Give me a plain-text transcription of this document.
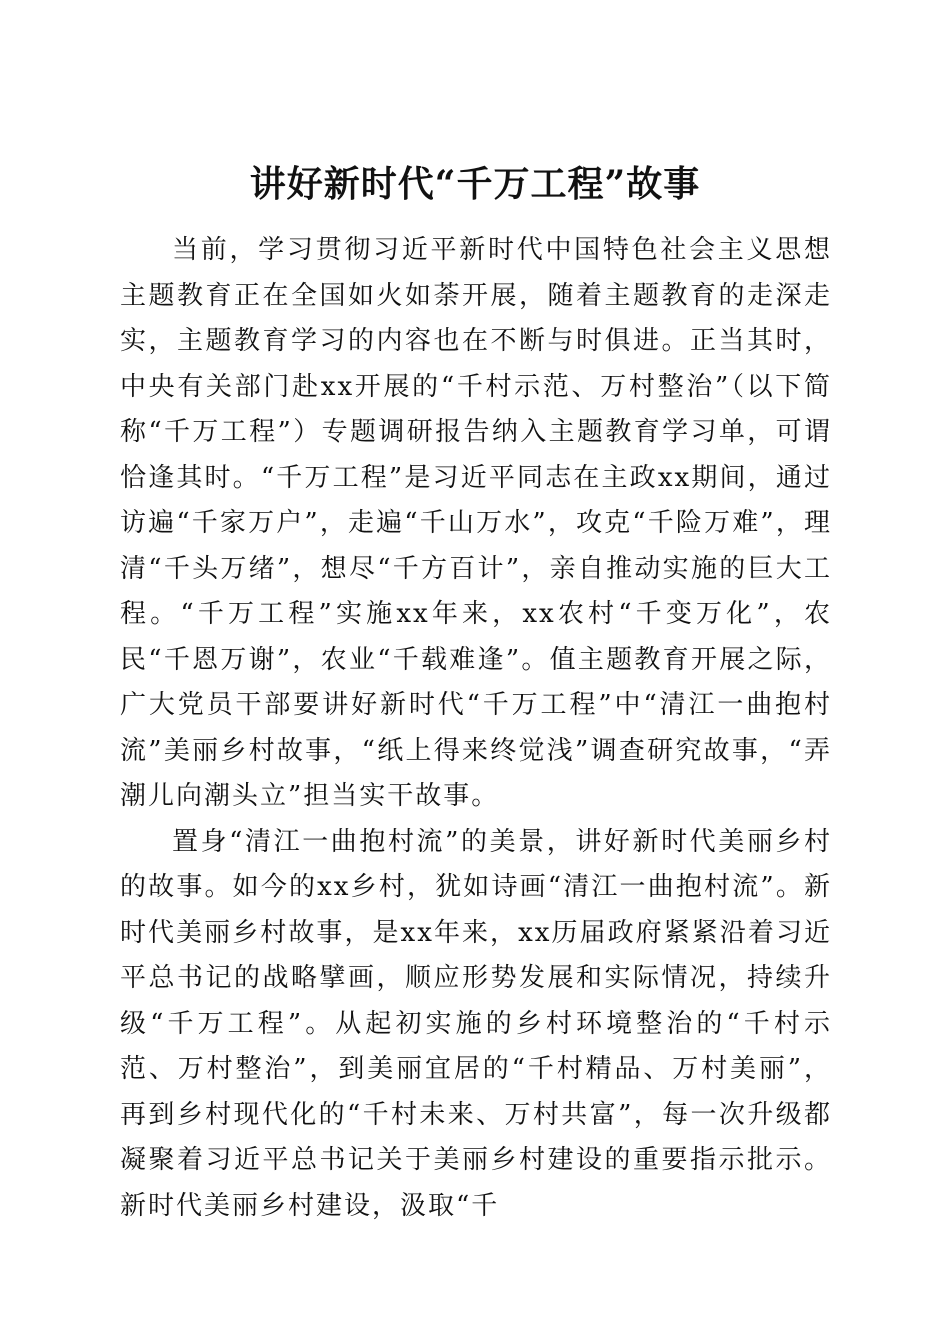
讲好新时代“千万工程”故事

当前，学习贯彻习近平新时代中国特色社会主义思想主题教育正在全国如火如荼开展，随着主题教育的走深走实，主题教育学习的内容也在不断与时俱进。正当其时，中央有关部门赴xx开展的“千村示范、万村整治”（以下简称“千万工程”）专题调研报告纳入主题教育学习单，可谓恰逢其时。“千万工程”是习近平同志在主政xx期间，通过访遍“千家万户”，走遍“千山万水”，攻克“千险万难”，理清“千头万绪”，想尽“千方百计”，亲自推动实施的巨大工程。“千万工程”实施xx年来，xx农村“千变万化”，农民“千恩万谢”，农业“千载难逢”。值主题教育开展之际，广大党员干部要讲好新时代“千万工程”中“清江一曲抱村流”美丽乡村故事，“纸上得来终觉浅”调查研究故事，“弄潮儿向潮头立”担当实干故事。

置身“清江一曲抱村流”的美景，讲好新时代美丽乡村的故事。如今的xx乡村，犹如诗画“清江一曲抱村流”。新时代美丽乡村故事，是xx年来，xx历届政府紧紧沿着习近平总书记的战略擘画，顺应形势发展和实际情况，持续升级“千万工程”。从起初实施的乡村环境整治的“千村示范、万村整治”，到美丽宜居的“千村精品、万村美丽”，再到乡村现代化的“千村未来、万村共富”，每一次升级都凝聚着习近平总书记关于美丽乡村建设的重要指示批示。新时代美丽乡村建设，汲取“千
